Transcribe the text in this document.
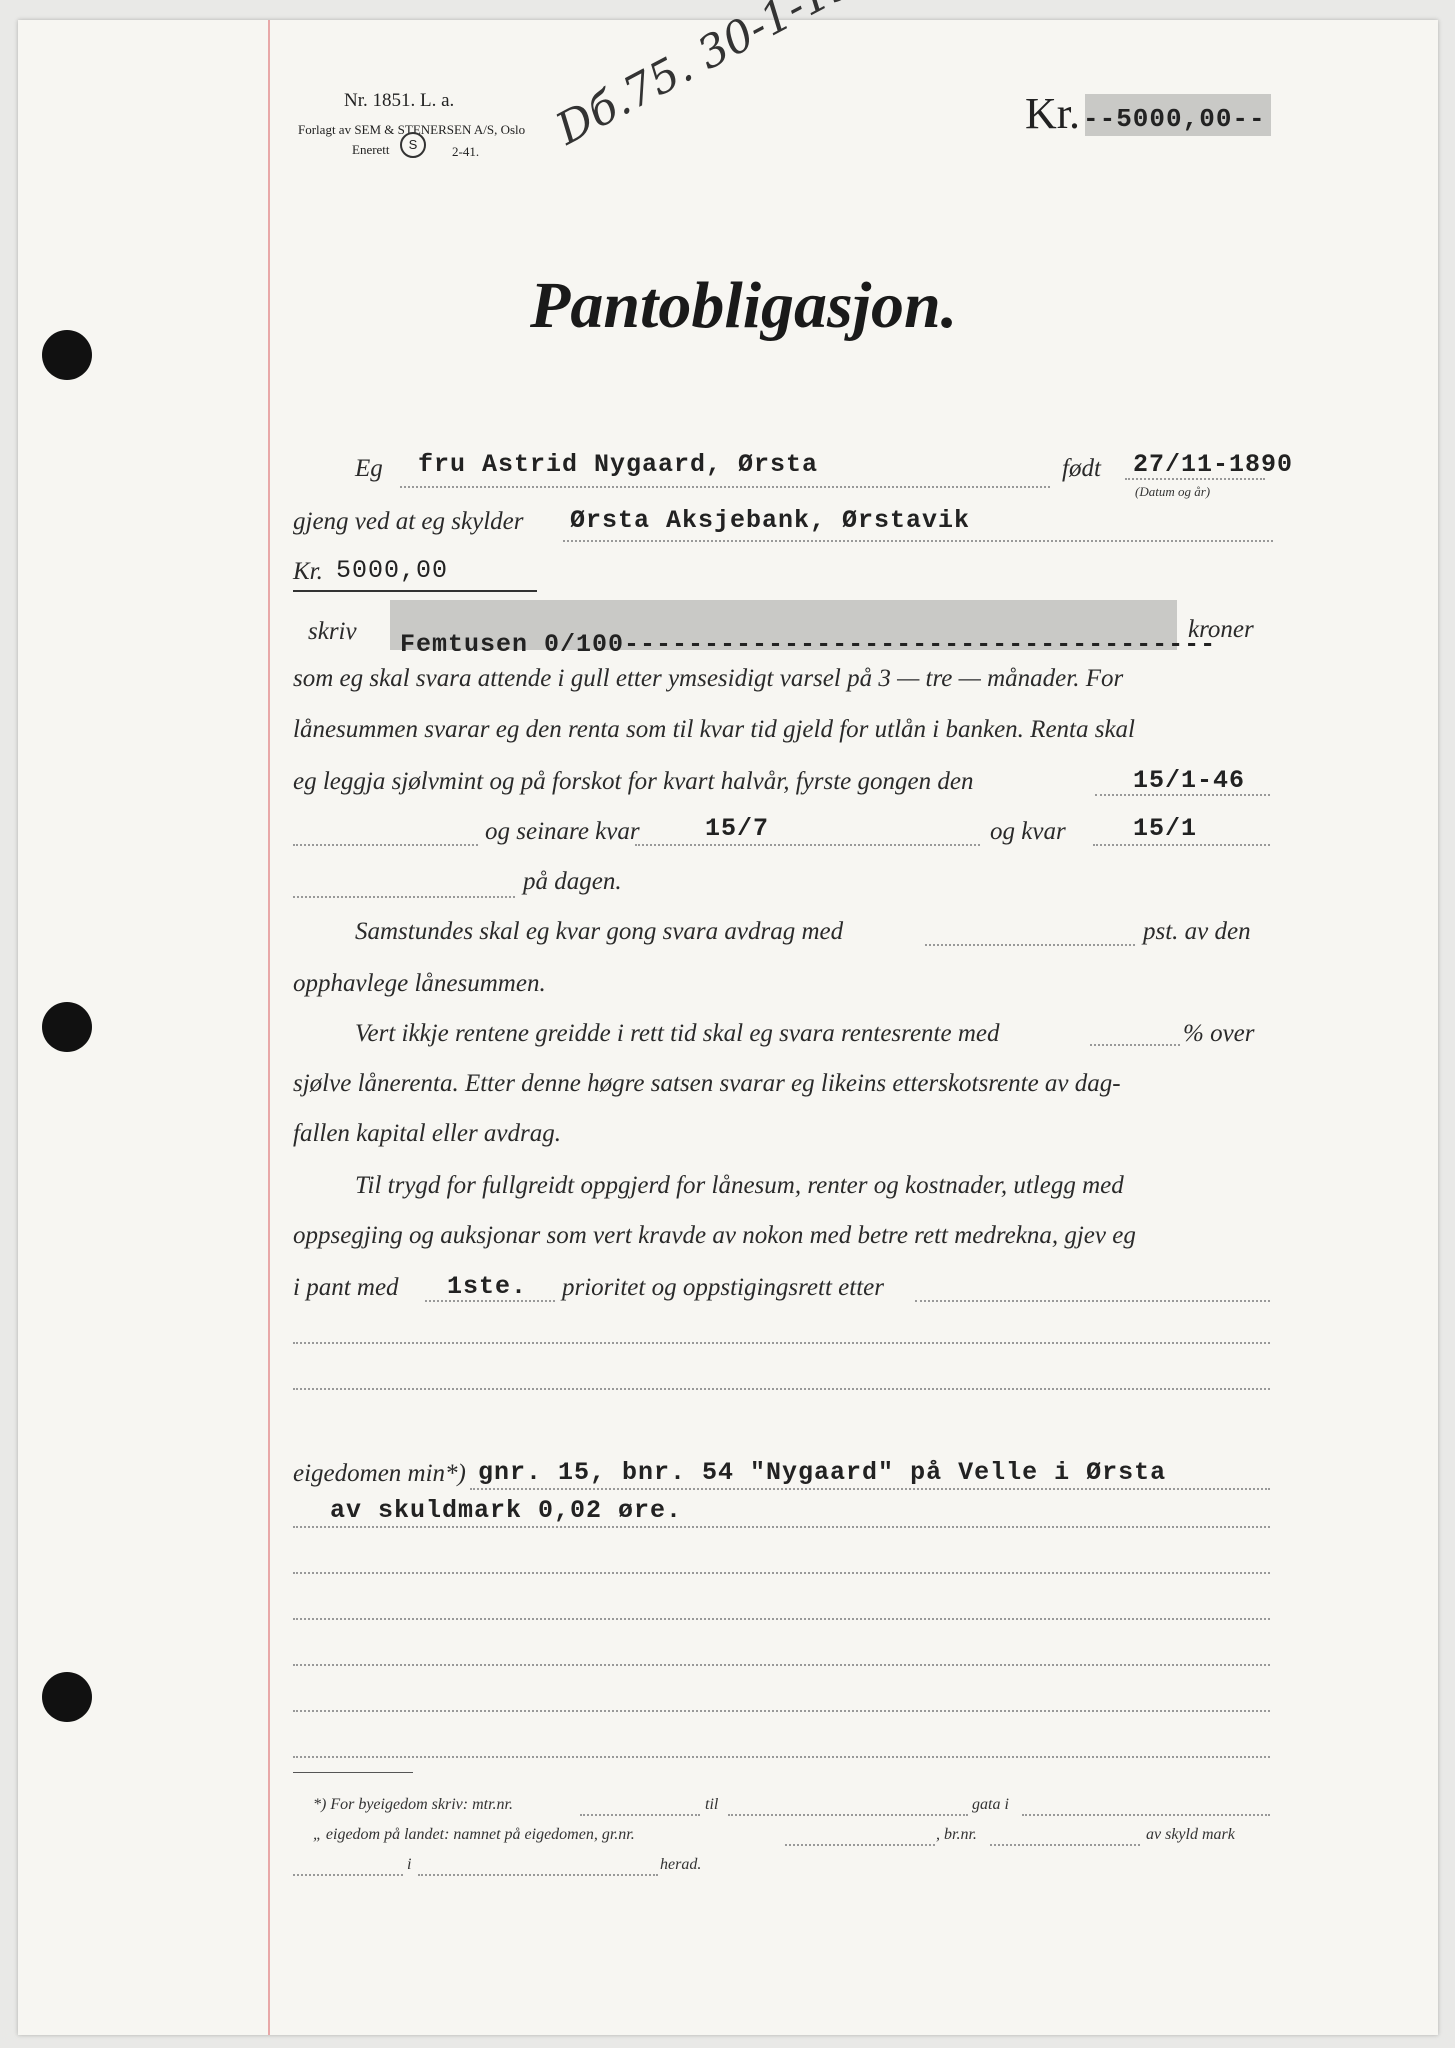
Nr. 1851. L. a.
Forlagt av SEM & STENERSEN A/S, Oslo
Enerett	S	2-41.
Kr. --5000,00--
Pantobligasjon.
Eg fru Astrid Nygaard, Ørsta	født 27/11-1890
(Datum og år)
gjeng ved at eg skylder Ørsta Aksjebank, Ørstavik
Kr. 5000,00
skriv Femtusen 0/100-------------------------------------
kroner
som eg skal svara attende i gull etter ymsesidigt varsel på 3 — tre — månader. For
lånesummen svarar eg den renta som til kvar tid gjeld for utlån i banken. Renta skal
eg leggja sjølvmint og på forskot for kvart halvår, fyrste gongen den	15/1-46
og seinare kvar	15/7	og kvar	15/1
på dagen.
Samstundes skal eg kvar gong svara avdrag med	pst. av den
opphavlege lånesummen.
Vert ikkje rentene greidde i rett tid skal eg svara rentesrente med	% over
sjølve lånerenta. Etter denne høgre satsen svarar eg likeins etterskotsrente av dag-
fallen kapital eller avdrag.
Til trygd for fullgreidt oppgjerd for lånesum, renter og kostnader, utlegg med
oppsegjing og auksjonar som vert kravde av nokon med betre rett medrekna, gjev eg
i pant med 1ste. prioritet og oppstigingsrett etter
eigedomen min*) gnr. 15, bnr. 54 "Nygaard" på Velle i Ørsta
av skuldmark 0,02 øre.
*) For byeigedom skriv: mtr.nr.	til	gata i
„ eigedom på landet: namnet på eigedomen, gr.nr.	, br.nr.	av skyld mark
i	herad.
